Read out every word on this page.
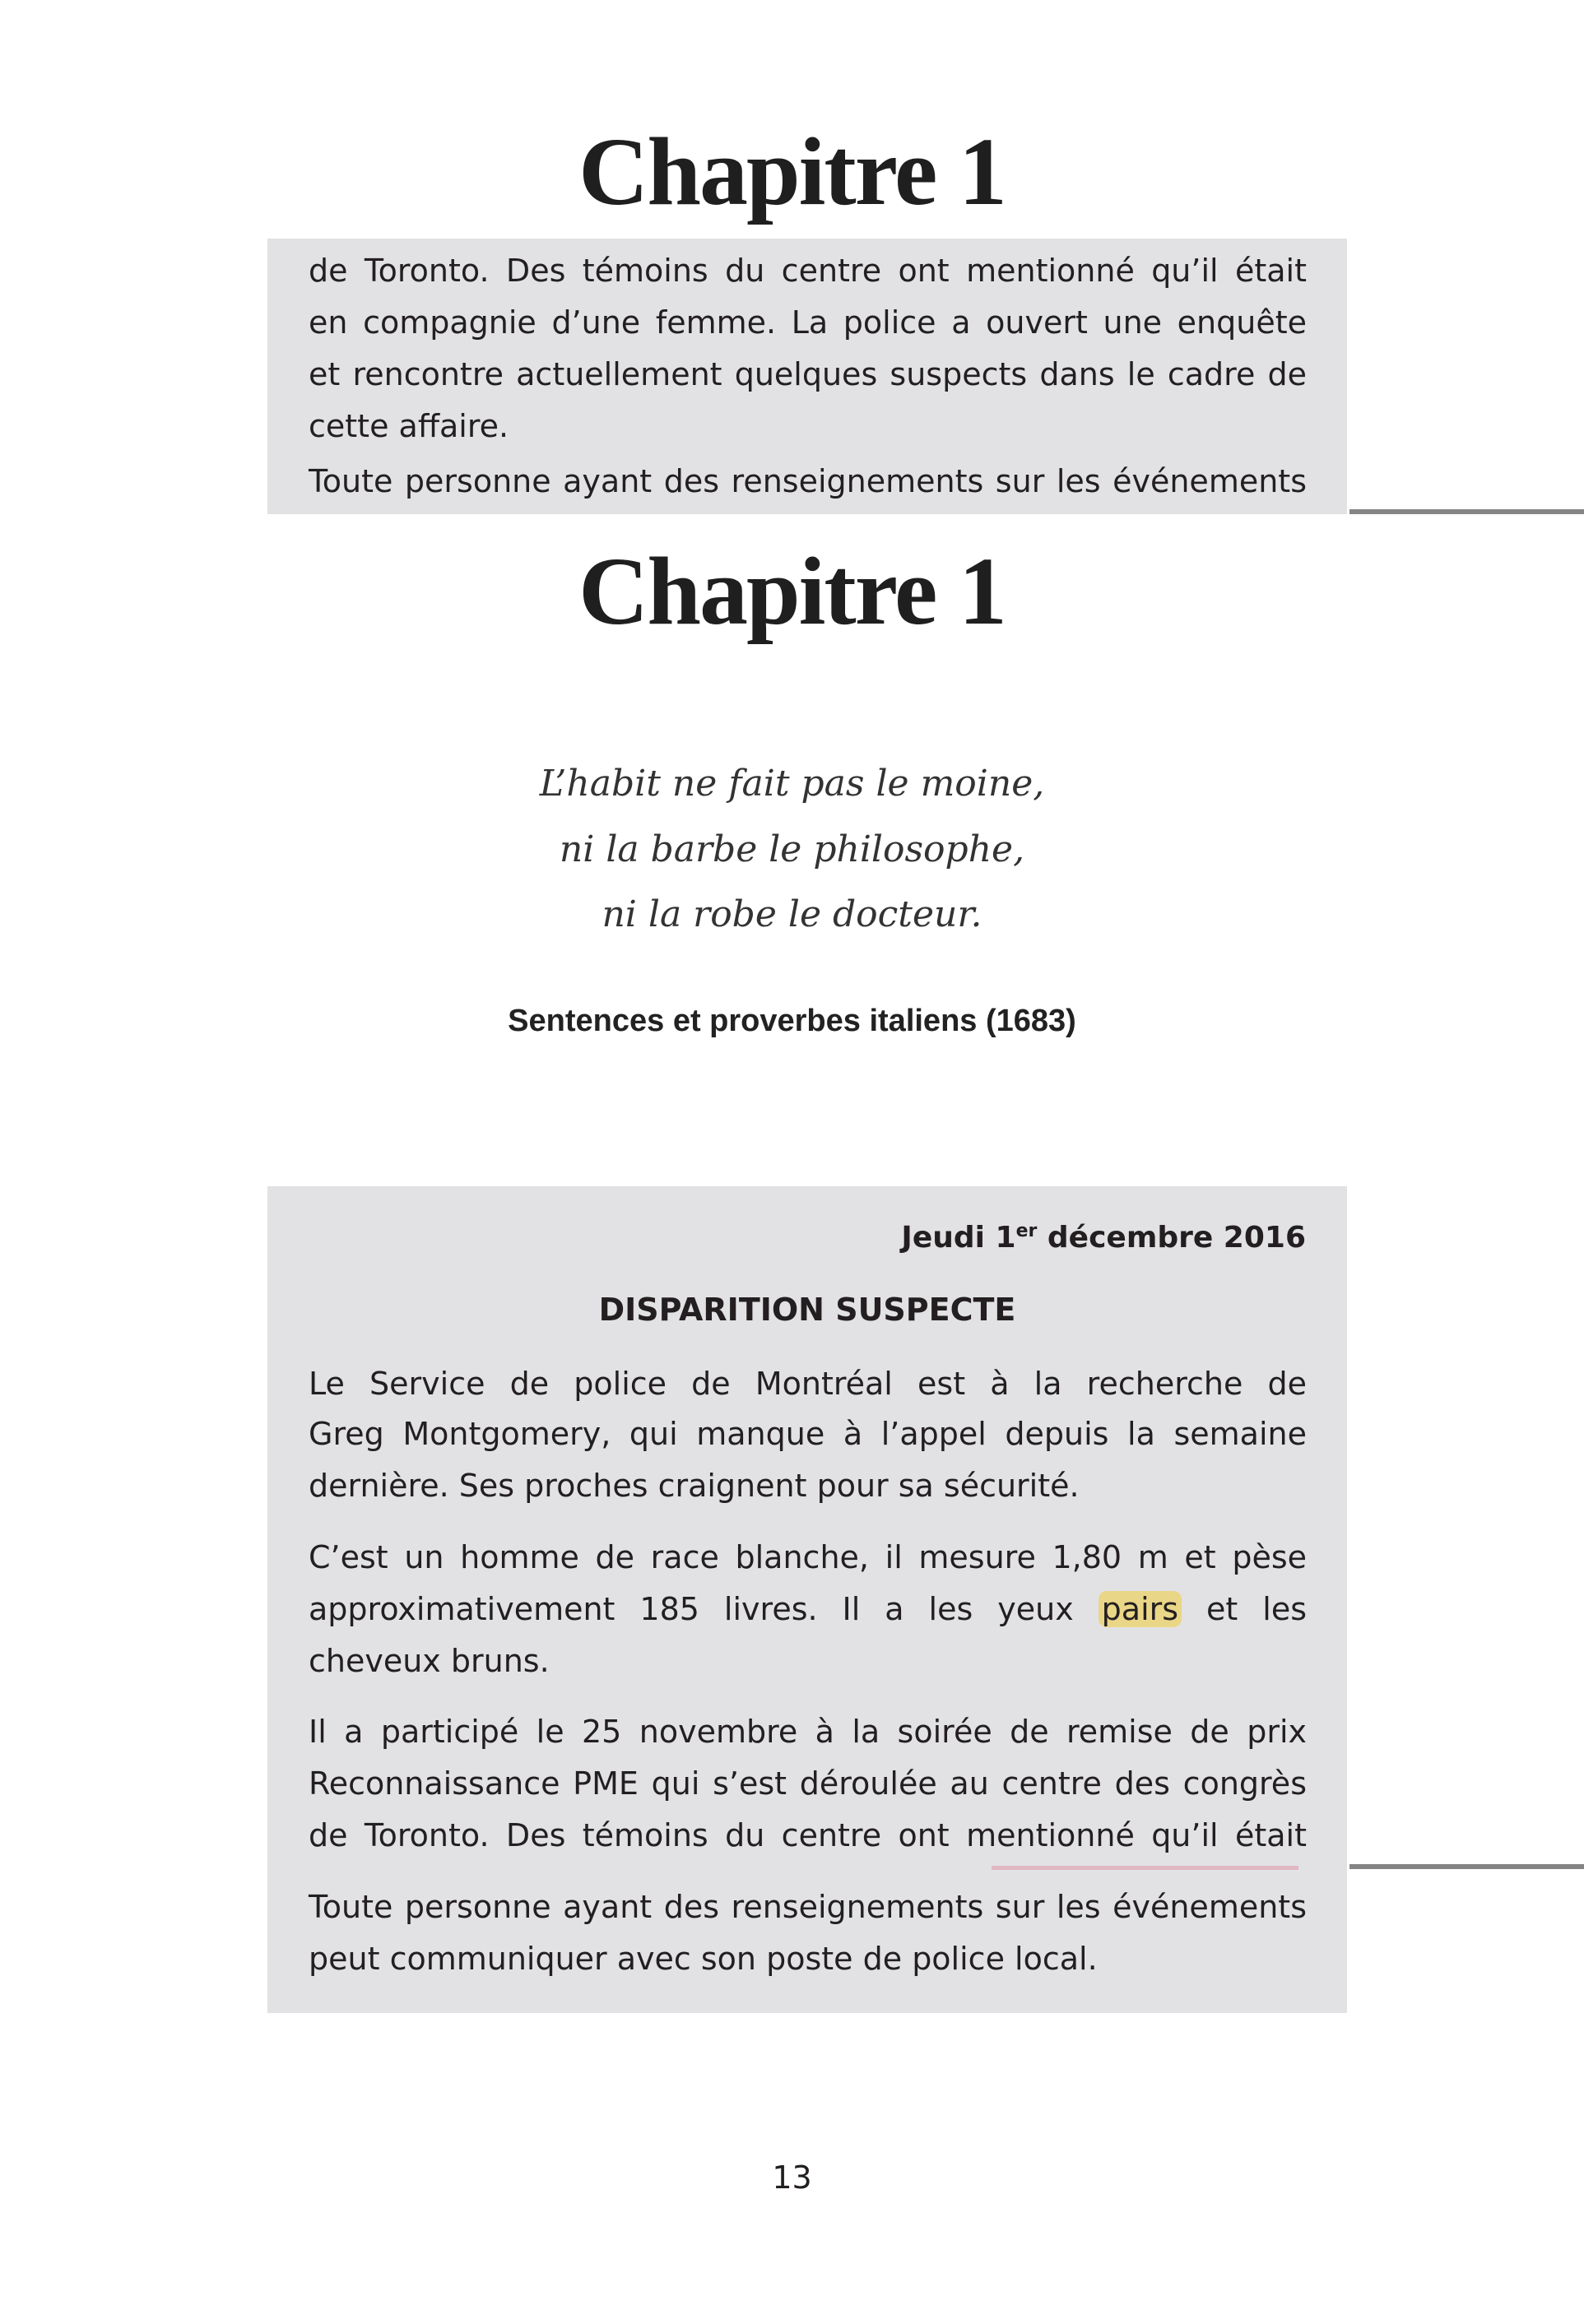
Chapitre 1
de Toronto. Des témoins du centre ont mentionné qu’il était
en compagnie d’une femme. La police a ouvert une enquête
et rencontre actuellement quelques suspects dans le cadre de
cette affaire.
Toute personne ayant des renseignements sur les événements
Chapitre 1
L’habit ne fait pas le moine,
ni la barbe le philosophe,
ni la robe le docteur.
Sentences et proverbes italiens (1683)
Jeudi 1er décembre 2016
DISPARITION SUSPECTE
Le Service de police de Montréal est à la recherche de
Greg Montgomery, qui manque à l’appel depuis la semaine
dernière. Ses proches craignent pour sa sécurité.
C’est un homme de race blanche, il mesure 1,80 m et pèse
approximativement 185 livres. Il a les yeux pairs et les
cheveux bruns.
Il a participé le 25 novembre à la soirée de remise de prix
Reconnaissance PME qui s’est déroulée au centre des congrès
de Toronto. Des témoins du centre ont mentionné qu’il était
Toute personne ayant des renseignements sur les événements
peut communiquer avec son poste de police local.
13
